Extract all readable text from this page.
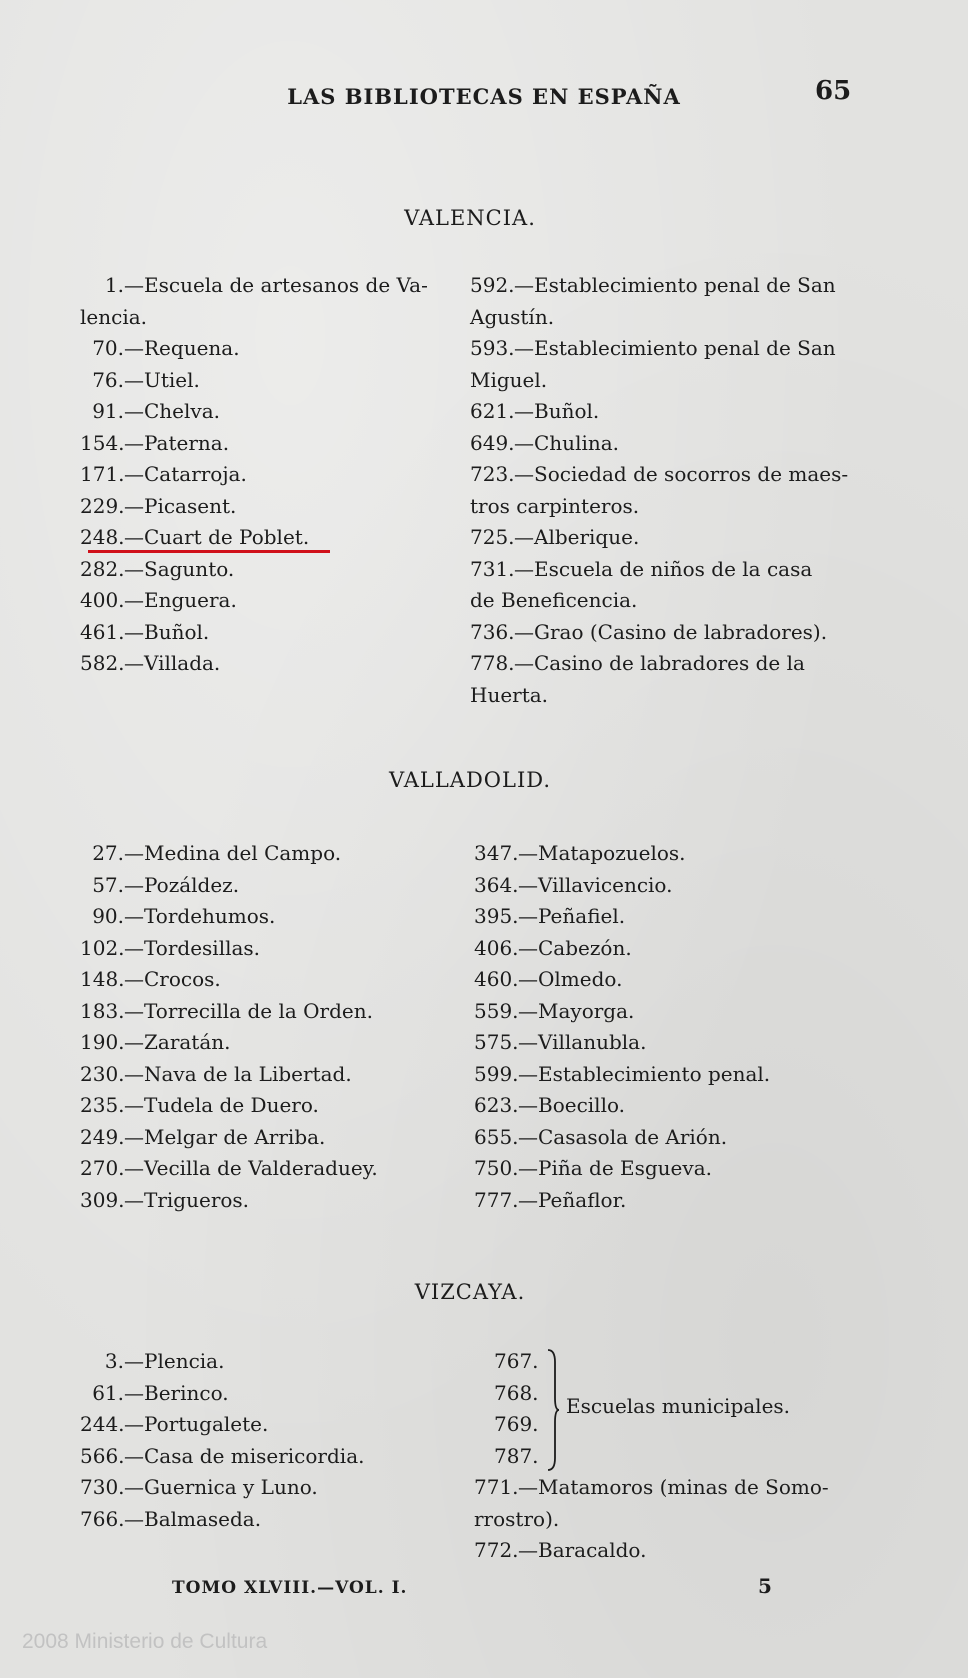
LAS BIBLIOTECAS EN ESPAÑA	65
VALENCIA.
1.—Escuela de artesanos de Va-
lencia.
70.—Requena.
76.—Utiel.
91.—Chelva.
154.—Paterna.
171.—Catarroja.
229.—Picasent.
248.—Cuart de Poblet.
282.—Sagunto.
400.—Enguera.
461.—Buñol.
582.—Villada.
592.—Establecimiento penal de San
Agustín.
593.—Establecimiento penal de San
Miguel.
621.—Buñol.
649.—Chulina.
723.—Sociedad de socorros de maes-
tros carpinteros.
725.—Alberique.
731.—Escuela de niños de la casa
de Beneficencia.
736.—Grao (Casino de labradores).
778.—Casino de labradores de la
Huerta.
VALLADOLID.
27.—Medina del Campo.
57.—Pozáldez.
90.—Tordehumos.
102.—Tordesillas.
148.—Crocos.
183.—Torrecilla de la Orden.
190.—Zaratán.
230.—Nava de la Libertad.
235.—Tudela de Duero.
249.—Melgar de Arriba.
270.—Vecilla de Valderaduey.
309.—Trigueros.
347.—Matapozuelos.
364.—Villavicencio.
395.—Peñafiel.
406.—Cabezón.
460.—Olmedo.
559.—Mayorga.
575.—Villanubla.
599.—Establecimiento penal.
623.—Boecillo.
655.—Casasola de Arión.
750.—Piña de Esgueva.
777.—Peñaflor.
VIZCAYA.
3.—Plencia.
61.—Berinco.
244.—Portugalete.
566.—Casa de misericordia.
730.—Guernica y Luno.
766.—Balmaseda.
767.
768.
769.
787.
Escuelas municipales.
771.—Matamoros (minas de Somo-
rrostro).
772.—Baracaldo.
TOMO XLVIII.—VOL. I.	5
2008 Ministerio de Cultura
